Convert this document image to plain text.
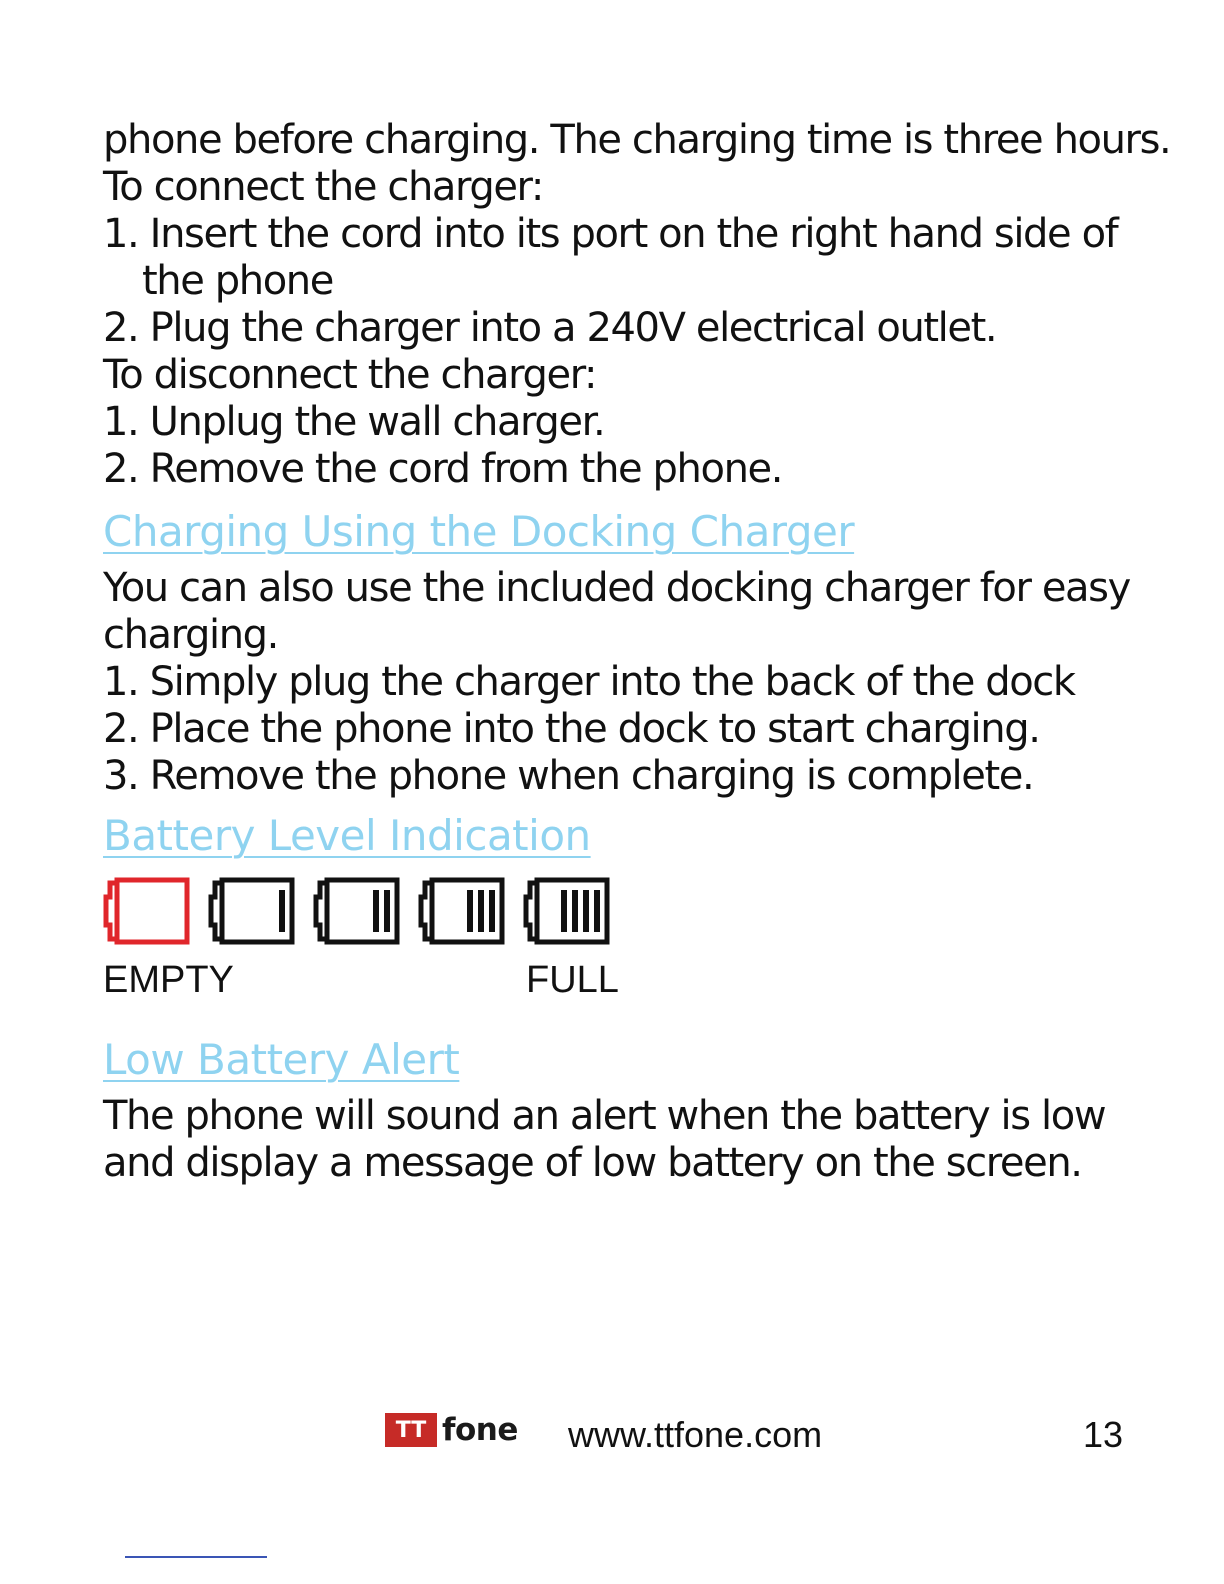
phone before charging. The charging time is three hours.
To connect the charger:
1. Insert the cord into its port on the right hand side of
the phone
2. Plug the charger into a 240V electrical outlet.
To disconnect the charger:
1. Unplug the wall charger.
2. Remove the cord from the phone.
Charging Using the Docking Charger
You can also use the included docking charger for easy
charging.
1. Simply plug the charger into the back of the dock
2. Place the phone into the dock to start charging.
3. Remove the phone when charging is complete.
Battery Level Indication
EMPTY	FULL
Low Battery Alert
The phone will sound an alert when the battery is low
and display a message of low battery on the screen.
TT fone www.ttfone.com	13
